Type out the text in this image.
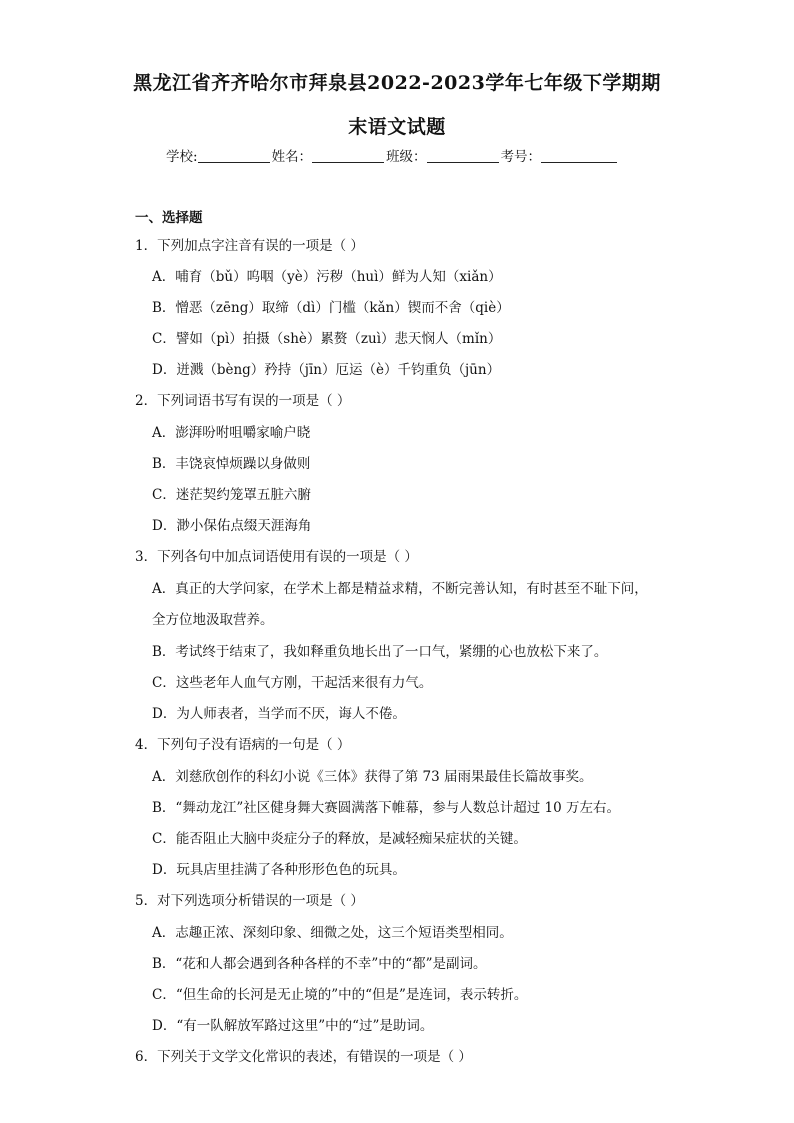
黑龙江省齐齐哈尔市拜泉县2022-2023学年七年级下学期期
末语文试题
学校:	姓名：	班级：	考号：
一、选择题
1．下列加点字注音有误的一项是（ ）
A．哺育（bǔ）呜咽（yè）污秽（huì）鲜为人知（xiǎn）
B．憎恶（zēng）取缔（dì）门槛（kǎn）锲而不舍（qiè）
C．譬如（pì）拍摄（shè）累赘（zuì）悲天悯人（mǐn）
D．迸溅（bèng）矜持（jīn）厄运（è）千钧重负（jūn）
2．下列词语书写有误的一项是（ ）
A．澎湃吩咐咀嚼家喻户晓
B．丰饶哀悼烦躁以身做则
C．迷茫契约笼罩五脏六腑
D．渺小保佑点缀天涯海角
3．下列各句中加点词语使用有误的一项是（ ）
A．真正的大学问家，在学术上都是精益求精，不断完善认知，有时甚至不耻下问，
全方位地汲取营养。
B．考试终于结束了，我如释重负地长出了一口气，紧绷的心也放松下来了。
C．这些老年人血气方刚，干起活来很有力气。
D．为人师表者，当学而不厌，诲人不倦。
4．下列句子没有语病的一句是（ ）
A．刘慈欣创作的科幻小说《三体》获得了第 73 届雨果最佳长篇故事奖。
B．“舞动龙江”社区健身舞大赛圆满落下帷幕，参与人数总计超过 10 万左右。
C．能否阻止大脑中炎症分子的释放，是减轻痴呆症状的关键。
D．玩具店里挂满了各种形形色色的玩具。
5．对下列选项分析错误的一项是（ ）
A．志趣正浓、深刻印象、细微之处，这三个短语类型相同。
B．“花和人都会遇到各种各样的不幸”中的“都”是副词。
C．“但生命的长河是无止境的”中的“但是”是连词，表示转折。
D．“有一队解放军路过这里”中的“过”是助词。
6．下列关于文学文化常识的表述，有错误的一项是（ ）
